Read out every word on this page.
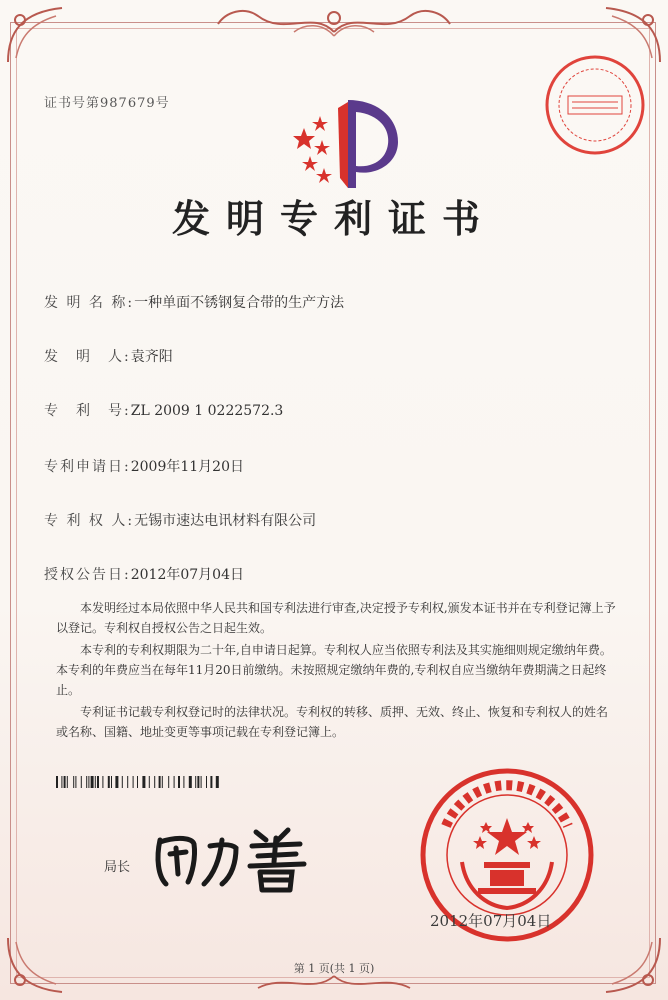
证书号第987679号
发明专利证书
发 明 名 称:一种单面不锈钢复合带的生产方法
发　明　人:袁齐阳
专　利　号:ZL 2009 1 0222572.3
专利申请日:2009年11月20日
专 利 权 人:无锡市速达电讯材料有限公司
授权公告日:2012年07月04日

本发明经过本局依照中华人民共和国专利法进行审查,决定授予专利权,颁发本证书并在专利登记簿上予以登记。专利权自授权公告之日起生效。

本专利的专利权期限为二十年,自申请日起算。专利权人应当依照专利法及其实施细则规定缴纳年费。本专利的年费应当在每年11月20日前缴纳。未按照规定缴纳年费的,专利权自应当缴纳年费期满之日起终止。

专利证书记载专利权登记时的法律状况。专利权的转移、质押、无效、终止、恢复和专利权人的姓名或名称、国籍、地址变更等事项记载在专利登记簿上。

局长
2012年07月04日
第 1 页(共 1 页)
